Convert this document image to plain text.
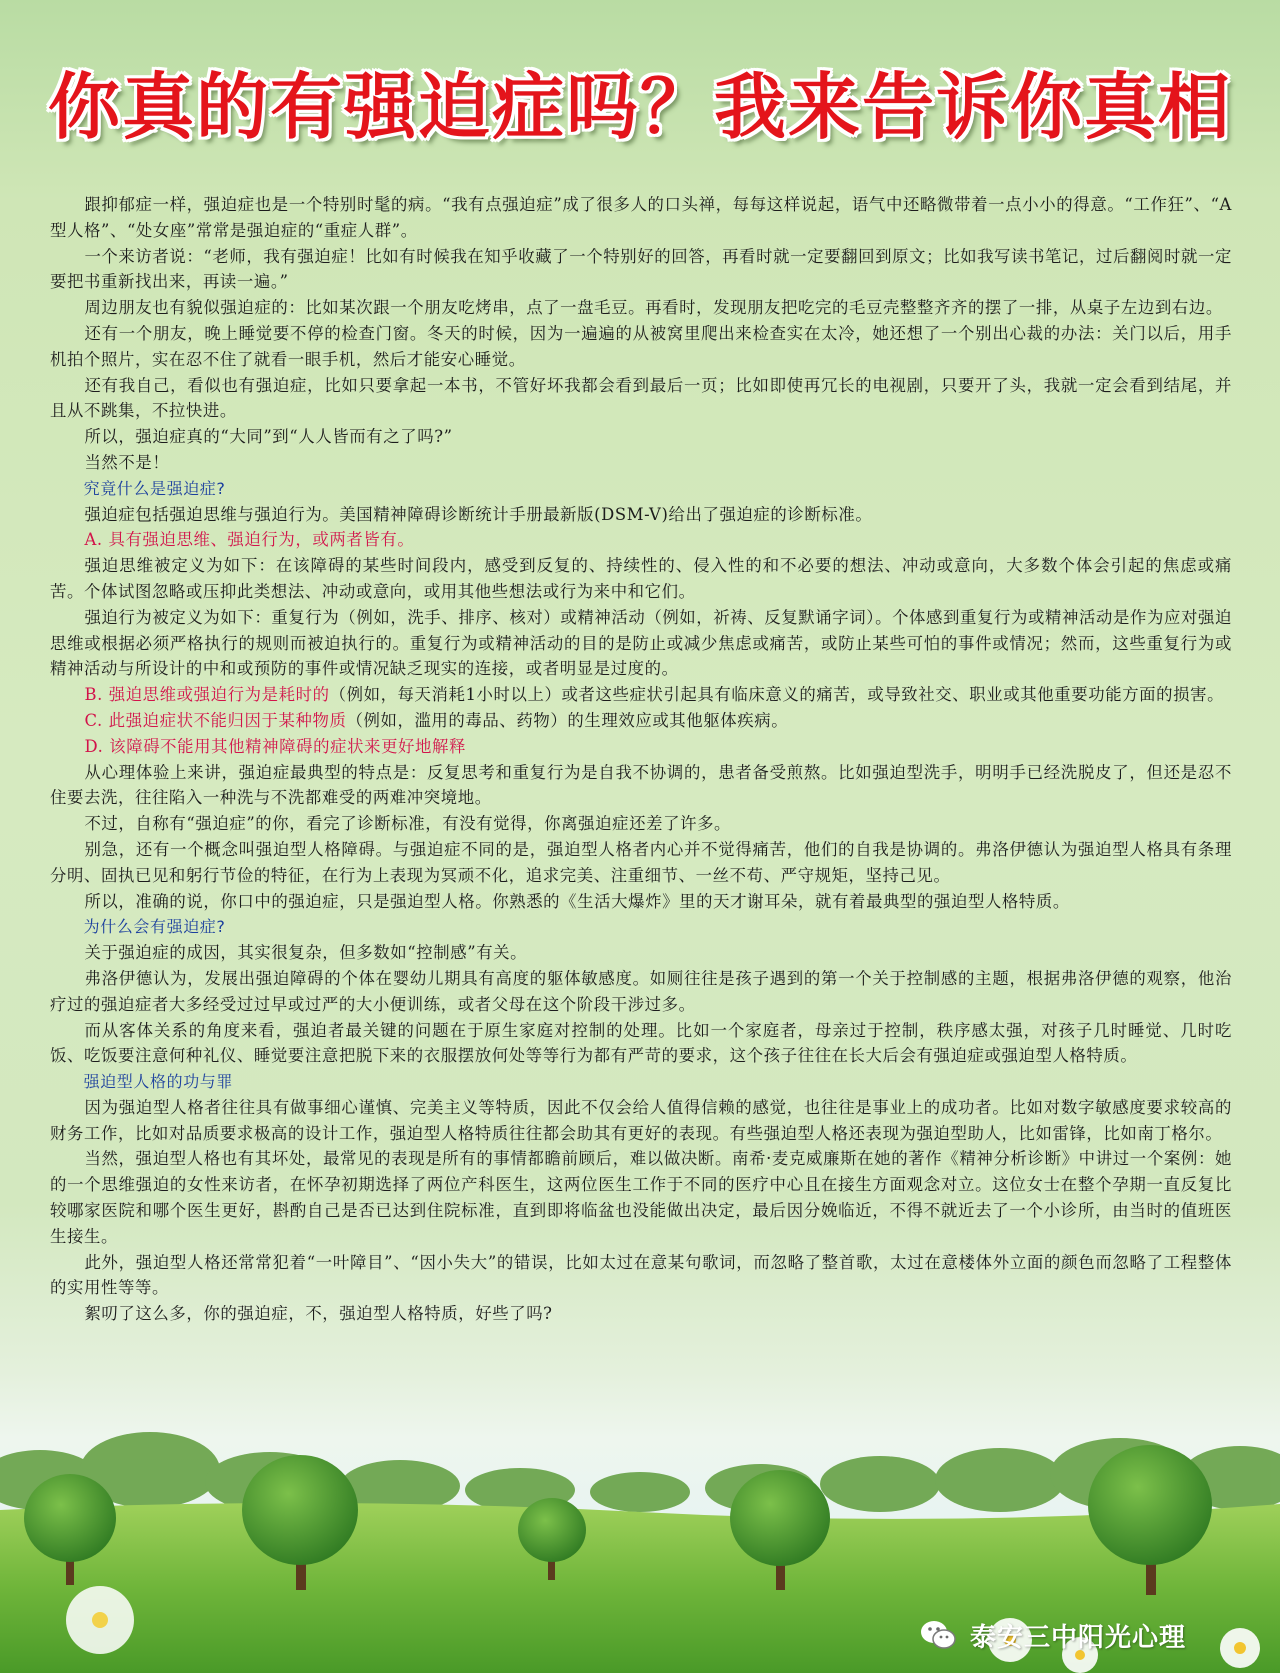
你真的有强迫症吗？我来告诉你真相

跟抑郁症一样，强迫症也是一个特别时髦的病。“我有点强迫症”成了很多人的口头禅，每每这样说起，语气中还略微带着一点小小的得意。“工作狂”、“A型人格”、“处女座”常常是强迫症的“重症人群”。

一个来访者说：“老师，我有强迫症！比如有时候我在知乎收藏了一个特别好的回答，再看时就一定要翻回到原文；比如我写读书笔记，过后翻阅时就一定要把书重新找出来，再读一遍。”

周边朋友也有貌似强迫症的：比如某次跟一个朋友吃烤串，点了一盘毛豆。再看时，发现朋友把吃完的毛豆壳整整齐齐的摆了一排，从桌子左边到右边。

还有一个朋友，晚上睡觉要不停的检查门窗。冬天的时候，因为一遍遍的从被窝里爬出来检查实在太冷，她还想了一个别出心裁的办法：关门以后，用手机拍个照片，实在忍不住了就看一眼手机，然后才能安心睡觉。

还有我自己，看似也有强迫症，比如只要拿起一本书，不管好坏我都会看到最后一页；比如即使再冗长的电视剧，只要开了头，我就一定会看到结尾，并且从不跳集，不拉快进。

所以，强迫症真的“大同”到“人人皆而有之了吗?”

当然不是！

究竟什么是强迫症?

强迫症包括强迫思维与强迫行为。美国精神障碍诊断统计手册最新版(DSM-V)给出了强迫症的诊断标准。

A. 具有强迫思维、强迫行为，或两者皆有。

强迫思维被定义为如下：在该障碍的某些时间段内，感受到反复的、持续性的、侵入性的和不必要的想法、冲动或意向，大多数个体会引起的焦虑或痛苦。个体试图忽略或压抑此类想法、冲动或意向，或用其他些想法或行为来中和它们。

强迫行为被定义为如下：重复行为（例如，洗手、排序、核对）或精神活动（例如，祈祷、反复默诵字词）。个体感到重复行为或精神活动是作为应对强迫思维或根据必须严格执行的规则而被迫执行的。重复行为或精神活动的目的是防止或减少焦虑或痛苦，或防止某些可怕的事件或情况；然而，这些重复行为或精神活动与所设计的中和或预防的事件或情况缺乏现实的连接，或者明显是过度的。

B. 强迫思维或强迫行为是耗时的（例如，每天消耗1小时以上）或者这些症状引起具有临床意义的痛苦，或导致社交、职业或其他重要功能方面的损害。

C. 此强迫症状不能归因于某种物质（例如，滥用的毒品、药物）的生理效应或其他躯体疾病。

D. 该障碍不能用其他精神障碍的症状来更好地解释

从心理体验上来讲，强迫症最典型的特点是：反复思考和重复行为是自我不协调的，患者备受煎熬。比如强迫型洗手，明明手已经洗脱皮了，但还是忍不住要去洗，往往陷入一种洗与不洗都难受的两难冲突境地。

不过，自称有“强迫症”的你，看完了诊断标准，有没有觉得，你离强迫症还差了许多。

别急，还有一个概念叫强迫型人格障碍。与强迫症不同的是，强迫型人格者内心并不觉得痛苦，他们的自我是协调的。弗洛伊德认为强迫型人格具有条理分明、固执已见和躬行节俭的特征，在行为上表现为冥顽不化，追求完美、注重细节、一丝不苟、严守规矩，坚持己见。

所以，准确的说，你口中的强迫症，只是强迫型人格。你熟悉的《生活大爆炸》里的天才谢耳朵，就有着最典型的强迫型人格特质。

为什么会有强迫症?

关于强迫症的成因，其实很复杂，但多数如“控制感”有关。

弗洛伊德认为，发展出强迫障碍的个体在婴幼儿期具有高度的躯体敏感度。如厕往往是孩子遇到的第一个关于控制感的主题，根据弗洛伊德的观察，他治疗过的强迫症者大多经受过过早或过严的大小便训练，或者父母在这个阶段干涉过多。

而从客体关系的角度来看，强迫者最关键的问题在于原生家庭对控制的处理。比如一个家庭者，母亲过于控制，秩序感太强，对孩子几时睡觉、几时吃饭、吃饭要注意何种礼仪、睡觉要注意把脱下来的衣服摆放何处等等行为都有严苛的要求，这个孩子往往在长大后会有强迫症或强迫型人格特质。

强迫型人格的功与罪

因为强迫型人格者往往具有做事细心谨慎、完美主义等特质，因此不仅会给人值得信赖的感觉，也往往是事业上的成功者。比如对数字敏感度要求较高的财务工作，比如对品质要求极高的设计工作，强迫型人格特质往往都会助其有更好的表现。有些强迫型人格还表现为强迫型助人，比如雷锋，比如南丁格尔。

当然，强迫型人格也有其坏处，最常见的表现是所有的事情都瞻前顾后，难以做决断。南希·麦克威廉斯在她的著作《精神分析诊断》中讲过一个案例：她的一个思维强迫的女性来访者，在怀孕初期选择了两位产科医生，这两位医生工作于不同的医疗中心且在接生方面观念对立。这位女士在整个孕期一直反复比较哪家医院和哪个医生更好，斟酌自己是否已达到住院标准，直到即将临盆也没能做出决定，最后因分娩临近，不得不就近去了一个小诊所，由当时的值班医生接生。

此外，强迫型人格还常常犯着“一叶障目”、“因小失大”的错误，比如太过在意某句歌词，而忽略了整首歌，太过在意楼体外立面的颜色而忽略了工程整体的实用性等等。

絮叨了这么多，你的强迫症，不，强迫型人格特质，好些了吗?

泰安三中阳光心理
